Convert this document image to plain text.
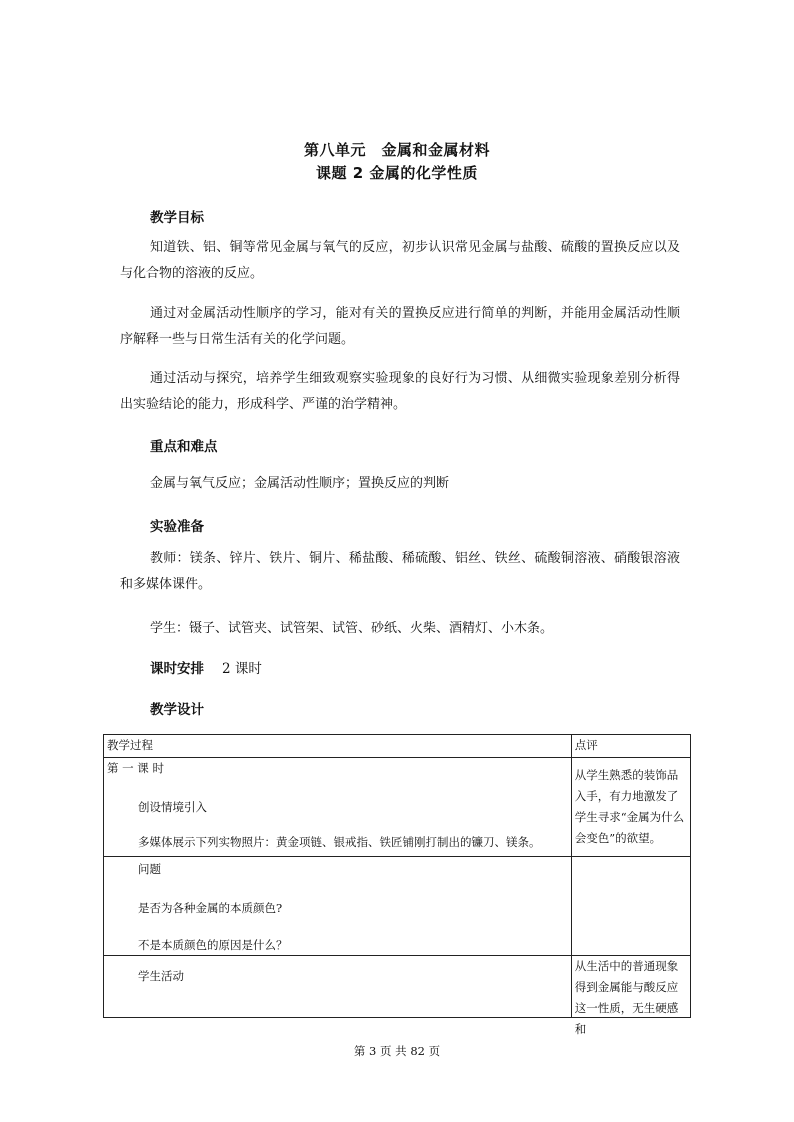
第八单元　金属和金属材料
课题 2 金属的化学性质
教学目标

知道铁、铝、铜等常见金属与氧气的反应，初步认识常见金属与盐酸、硫酸的置换反应以及与化合物的溶液的反应。

通过对金属活动性顺序的学习，能对有关的置换反应进行简单的判断，并能用金属活动性顺序解释一些与日常生活有关的化学问题。

通过活动与探究，培养学生细致观察实验现象的良好行为习惯、从细微实验现象差别分析得出实验结论的能力，形成科学、严谨的治学精神。

重点和难点
金属与氧气反应；金属活动性顺序；置换反应的判断
实验准备

教师：镁条、锌片、铁片、铜片、稀盐酸、稀硫酸、铝丝、铁丝、硫酸铜溶液、硝酸银溶液和多媒体课件。

学生：镊子、试管夹、试管架、试管、砂纸、火柴、酒精灯、小木条。
课时安排 2 课时
教学设计
教学过程	点评

第 一 课 时
创设情境引入
多媒体展示下列实物照片：黄金项链、银戒指、铁匠铺刚打制出的镰刀、镁条。	从学生熟悉的装饰品入手，有力地激发了学生寻求“金属为什么会变色”的欲望。

问题
是否为各种金属的本质颜色?
不是本质颜色的原因是什么？	

学生活动	从生活中的普通现象得到金属能与酸反应这一性质，无生硬感和
第 3 页 共 82 页
